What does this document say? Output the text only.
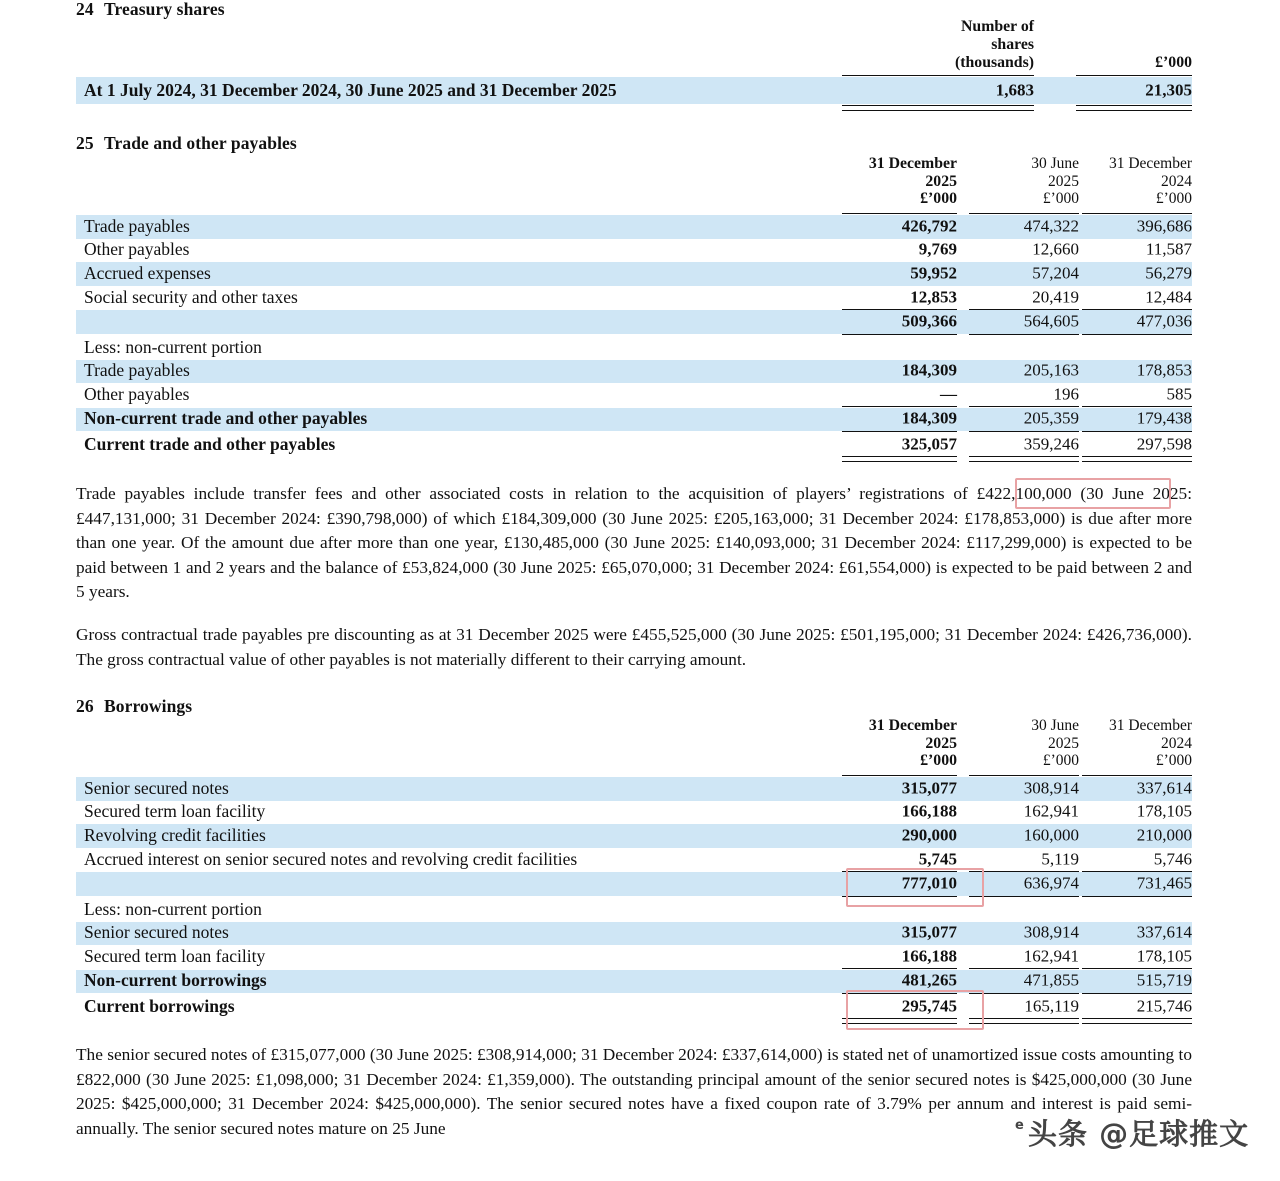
24 Treasury shares
Number of
shares
(thousands)	£’000
At 1 July 2024, 31 December 2024, 30 June 2025 and 31 December 2025	1,683	21,305
25 Trade and other payables
31 December
2025
£’000
30 June
2025
£’000
31 December
2024
£’000
Trade payables	426,792	474,322	396,686
Other payables	9,769	12,660	11,587
Accrued expenses	59,952	57,204	56,279
Social security and other taxes	12,853	20,419	12,484
509,366	564,605	477,036
Less: non-current portion
Trade payables	184,309	205,163	178,853
Other payables	—	196	585
Non-current trade and other payables	184,309	205,359	179,438
Current trade and other payables	325,057	359,246	297,598
Trade payables include transfer fees and other associated costs in relation to the acquisition of players’ registrations of £422,100,000 (30 June 2025: £447,131,000; 31 December 2024: £390,798,000) of which £184,309,000 (30 June 2025: £205,163,000; 31 December 2024: £178,853,000) is due after more than one year. Of the amount due after more than one year, £130,485,000 (30 June 2025: £140,093,000; 31 December 2024: £117,299,000) is expected to be paid between 1 and 2 years and the balance of £53,824,000 (30 June 2025: £65,070,000; 31 December 2024: £61,554,000) is expected to be paid between 2 and 5 years.
Gross contractual trade payables pre discounting as at 31 December 2025 were £455,525,000 (30 June 2025: £501,195,000; 31 December 2024: £426,736,000). The gross contractual value of other payables is not materially different to their carrying amount.
26 Borrowings
31 December
2025
£’000
30 June
2025
£’000
31 December
2024
£’000
Senior secured notes	315,077	308,914	337,614
Secured term loan facility	166,188	162,941	178,105
Revolving credit facilities	290,000	160,000	210,000
Accrued interest on senior secured notes and revolving credit facilities	5,745	5,119	5,746
777,010	636,974	731,465
Less: non-current portion
Senior secured notes	315,077	308,914	337,614
Secured term loan facility	166,188	162,941	178,105
Non-current borrowings	481,265	471,855	515,719
Current borrowings	295,745	165,119	215,746
The senior secured notes of £315,077,000 (30 June 2025: £308,914,000; 31 December 2024: £337,614,000) is stated net of unamortized issue costs amounting to £822,000 (30 June 2025: £1,098,000; 31 December 2024: £1,359,000). The outstanding principal amount of the senior secured notes is $425,000,000 (30 June 2025: $425,000,000; 31 December 2024: $425,000,000). The senior secured notes have a fixed coupon rate of 3.79% per annum and interest is paid semi-annually. The senior secured notes mature on 25 June	e 头条 @足球推文
